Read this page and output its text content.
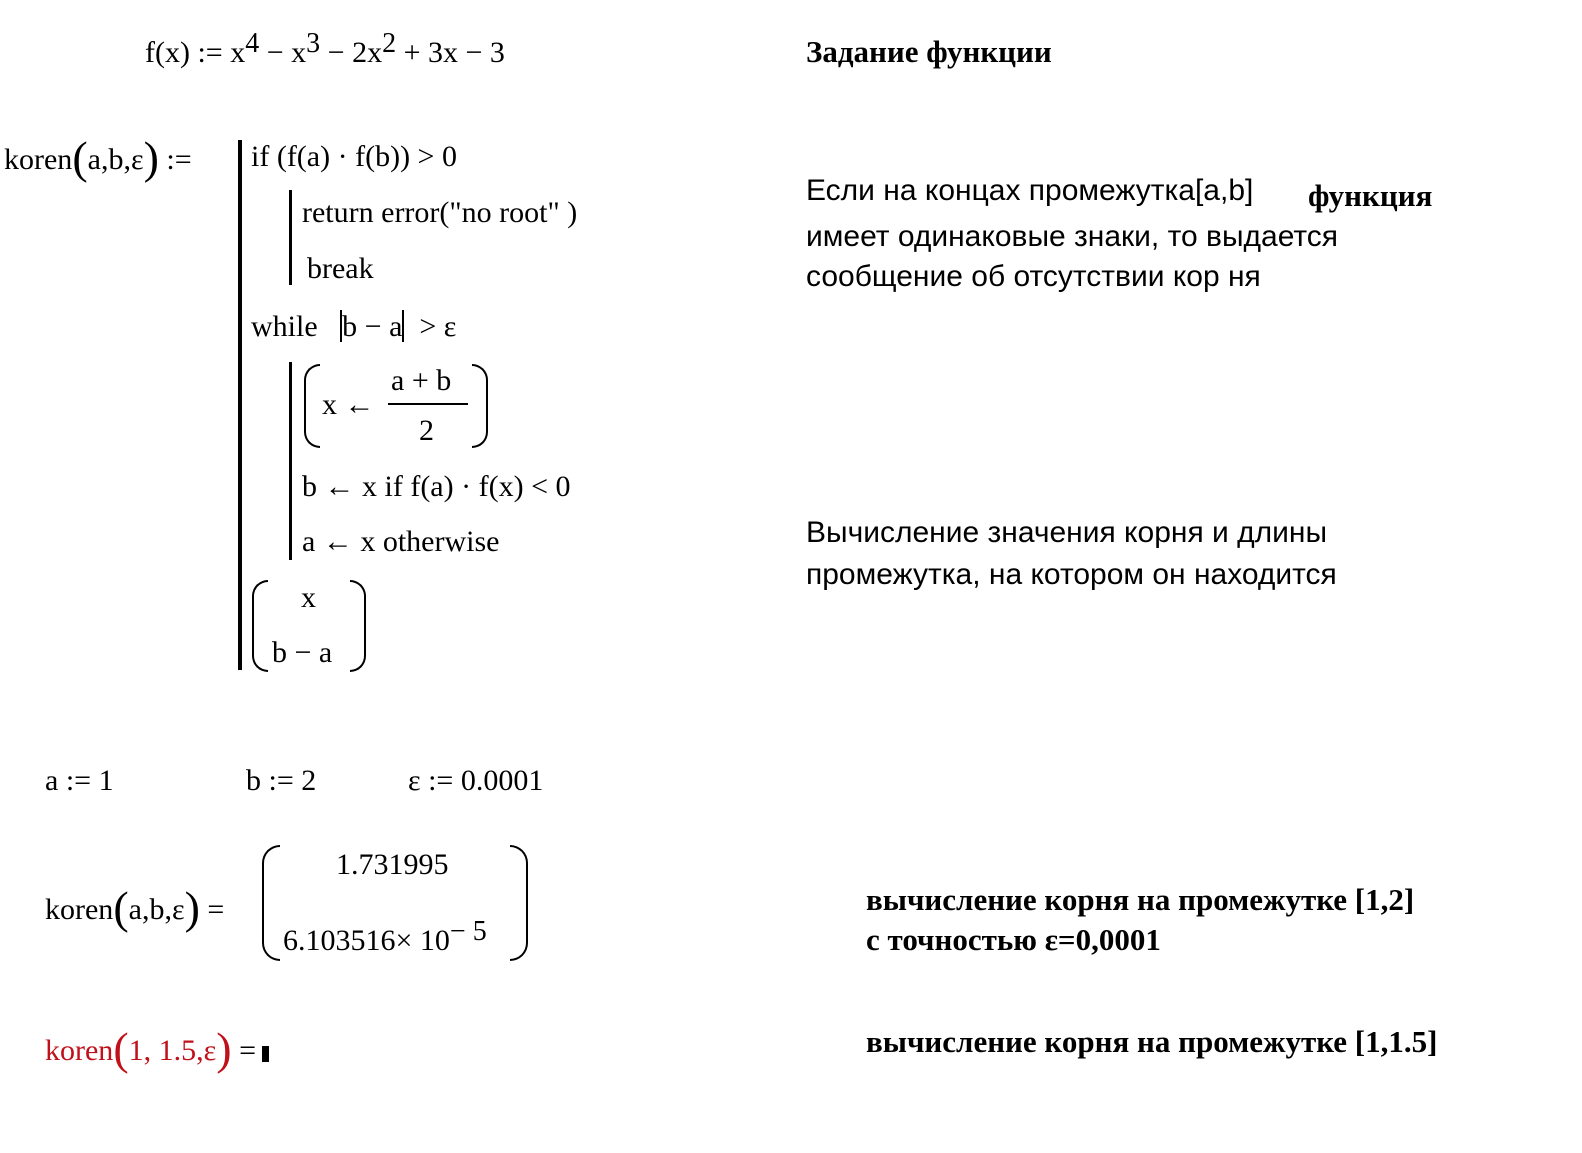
f(x) := $x^4 - x^3 - 2x^2 + 3x - 3$	Задание функции
koren(a,b,ε) := if (f(a) · f(b)) > 0
return error("no root" )
break
while b − a > ε
x ←
a + b
2
b ← x if f(a) · f(x) < 0
a ← x otherwise
x
b − a
Если на концах промежутка[a,b] функция
имеет одинаковые знаки, то выдается
сообщение об отсутствии кор ня
Вычисление значения корня и длины
промежутка, на котором он находится
a := 1	b := 2	ε := 0.0001
koren(a,b,ε) =
1.731995
$6.103516\times 10^{- 5}$
вычисление корня на промежутке [1,2]
с точностью ε=0,0001
koren(1, 1.5,ε) =	вычисление корня на промежутке [1,1.5]
